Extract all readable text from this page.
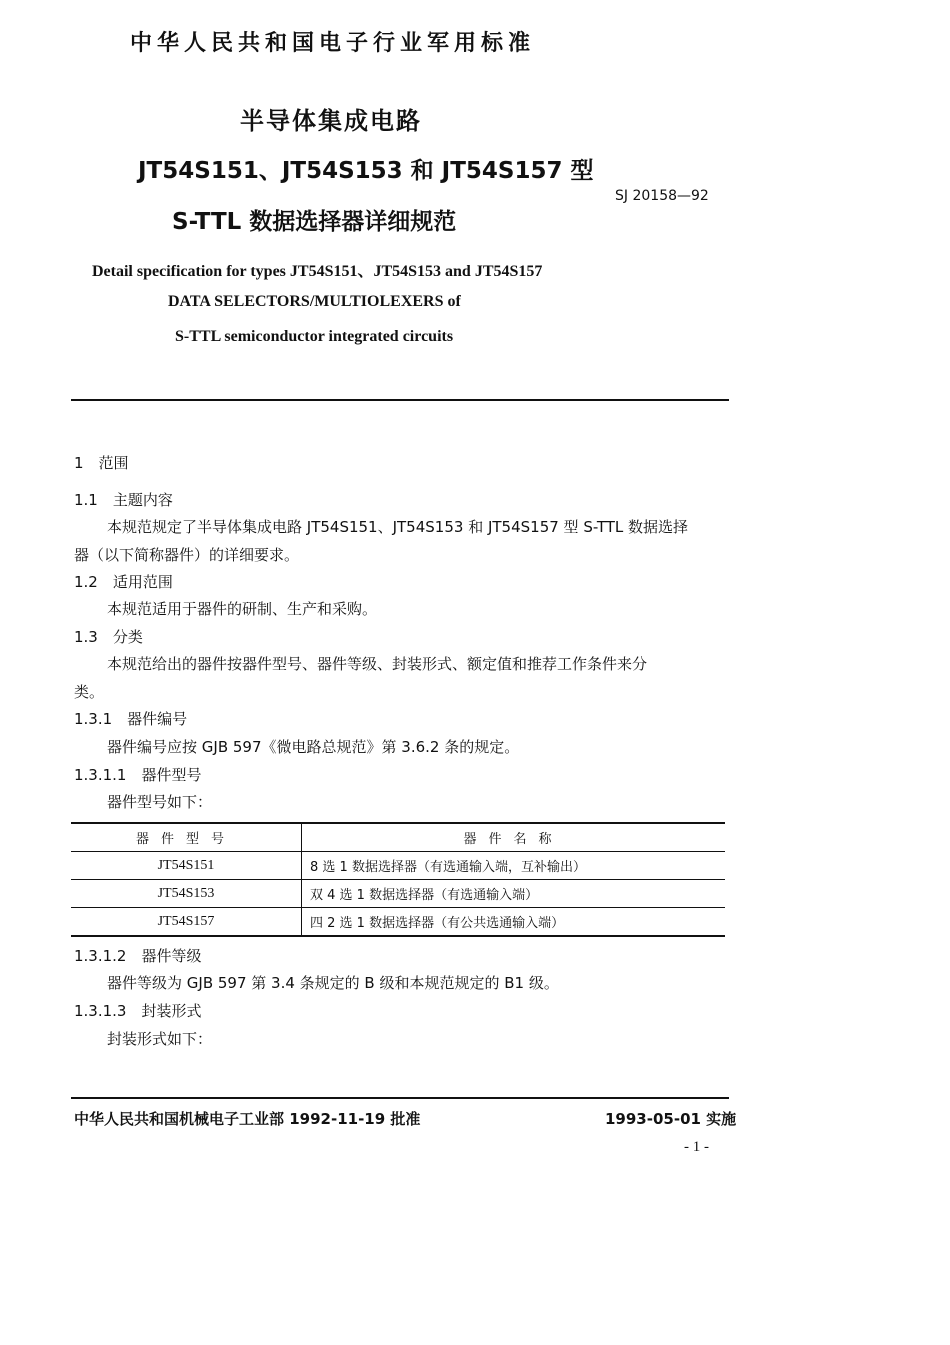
中华人民共和国电子行业军用标准
半导体集成电路
JT54S151、JT54S153 和 JT54S157 型
SJ 20158—92
S-TTL 数据选择器详细规范
Detail specification for types JT54S151、JT54S153 and JT54S157
DATA SELECTORS/MULTIOLEXERS of
S-TTL semiconductor integrated circuits
1　范围
1.1　主题内容
本规范规定了半导体集成电路 JT54S151、JT54S153 和 JT54S157 型 S-TTL 数据选择
器（以下简称器件）的详细要求。
1.2　适用范围
本规范适用于器件的研制、生产和采购。
1.3　分类
本规范给出的器件按器件型号、器件等级、封装形式、额定值和推荐工作条件来分
类。
1.3.1　器件编号
器件编号应按 GJB 597《微电路总规范》第 3.6.2 条的规定。
1.3.1.1　器件型号
器件型号如下：
器件型号	器件名称
JT54S151	8 选 1 数据选择器（有选通输入端，互补输出）
JT54S153	双 4 选 1 数据选择器（有选通输入端）
JT54S157	四 2 选 1 数据选择器（有公共选通输入端）
1.3.1.2　器件等级
器件等级为 GJB 597 第 3.4 条规定的 B 级和本规范规定的 B1 级。
1.3.1.3　封装形式
封装形式如下：
中华人民共和国机械电子工业部 1992-11-19 批准	1993-05-01 实施
- 1 -
